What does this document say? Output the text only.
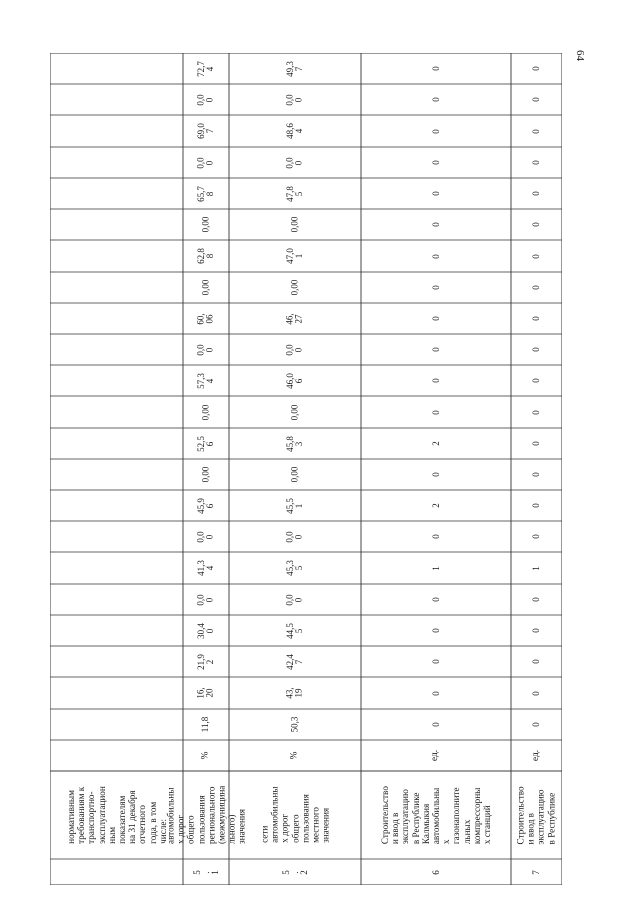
64
нормативным требованиям к транспортно- эксплуатацион ным показателям на 31 декабря отчетного года, в том числе:
5 . 1
автомобильны х дорог общего пользования регионального (межмуницина льного) значения
%
11,8
16, 20
21,9 2
30,4 0
0,0 0
41,3 4
0,0 0
45,9 6
0,00
52,5 6
0,00
57,3 4
0,0 0
60, 06
0,00
62,8 8
0,00
65,7 8
0,0 0
69,0 7
0,0 0
72,7 4
5 . 2
сети автомобильны х дорог общего пользования местного значения
%
50,3
43, 19
42,4 7
44,5 5
0,0 0
45,3 5
0,0 0
45,5 1
0,00
45,8 3
0,00
46,0 6
0,0 0
46, 27
0,00
47,0 1
0,00
47,8 5
0,0 0
48,6 4
0,0 0
49,3 7
6
Строительство и ввод в эксплуатацию в Республике Калмыкия автомобильны х газонаполните льных компрессорны х станций
ед.
0
0
0
0
0
1
0
2
0
2
0
0
0
0
0
0
0
0
0
0
0
0
7
Строительство и ввод в эксплуатацию в Республике
ед.
0
0
0
0
0
1
0
0
0
0
0
0
0
0
0
0
0
0
0
0
0
0
